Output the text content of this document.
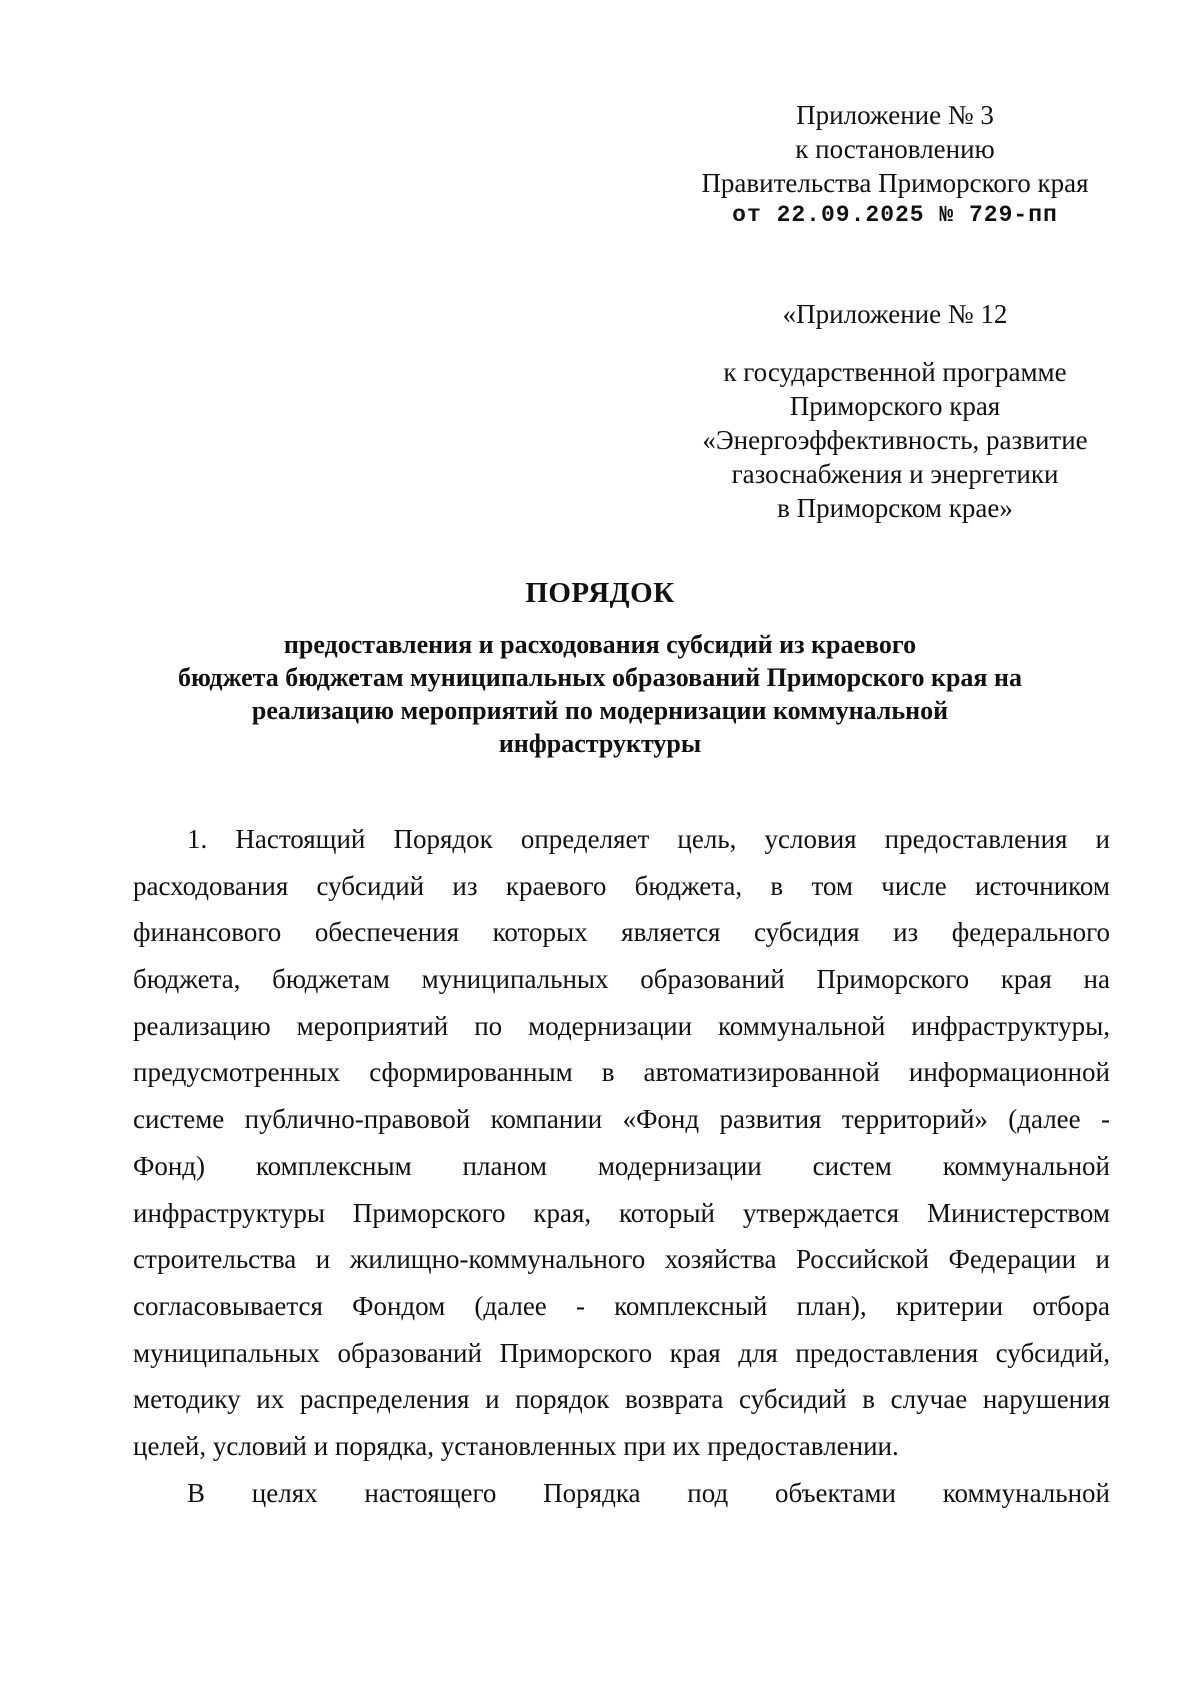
Приложение № 3
к постановлению
Правительства Приморского края
от 22.09.2025 № 729-пп
«Приложение № 12
к государственной программе
Приморского края
«Энергоэффективность, развитие
газоснабжения и энергетики
в Приморском крае»
ПОРЯДОК
предоставления и расходования субсидий из краевого
бюджета бюджетам муниципальных образований Приморского края на
реализацию мероприятий по модернизации коммунальной
инфраструктуры
1. Настоящий Порядок определяет цель, условия предоставления и
расходования субсидий из краевого бюджета, в том числе источником
финансового обеспечения которых является субсидия из федерального
бюджета, бюджетам муниципальных образований Приморского края на
реализацию мероприятий по модернизации коммунальной инфраструктуры,
предусмотренных сформированным в автоматизированной информационной
системе публично-правовой компании «Фонд развития территорий» (далее -
Фонд) комплексным планом модернизации систем коммунальной
инфраструктуры Приморского края, который утверждается Министерством
строительства и жилищно-коммунального хозяйства Российской Федерации и
согласовывается Фондом (далее - комплексный план), критерии отбора
муниципальных образований Приморского края для предоставления субсидий,
методику их распределения и порядок возврата субсидий в случае нарушения
целей, условий и порядка, установленных при их предоставлении.
В целях настоящего Порядка под объектами коммунальной
